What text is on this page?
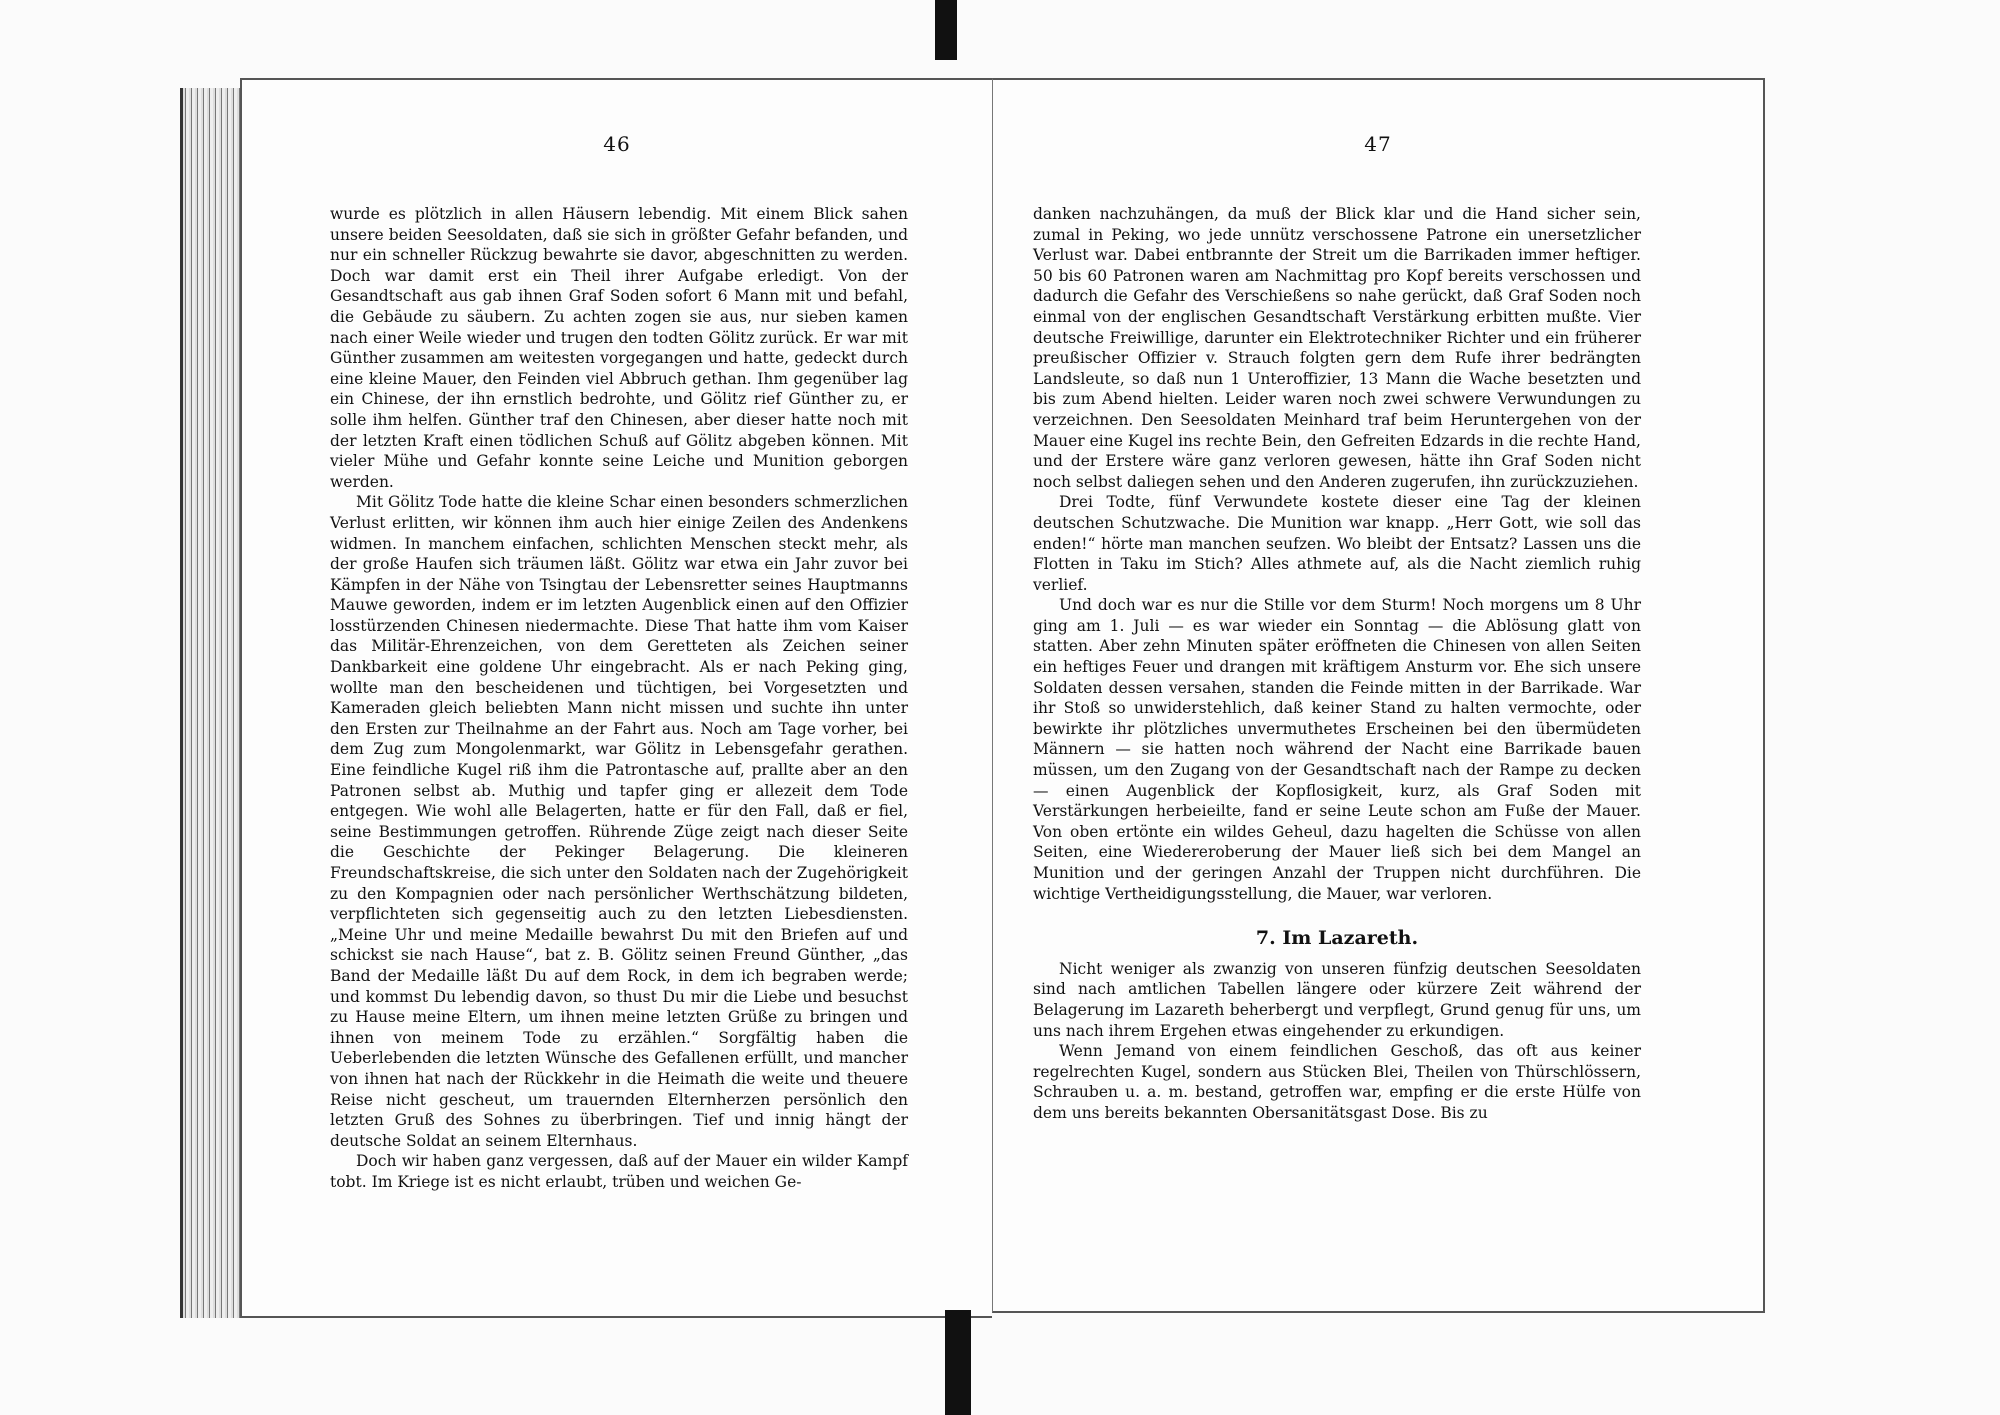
46

wurde es plötzlich in allen Häusern lebendig. Mit einem Blick sahen unsere beiden Seesoldaten, daß sie sich in größter Gefahr befanden, und nur ein schneller Rückzug bewahrte sie davor, abgeschnitten zu werden. Doch war damit erst ein Theil ihrer Aufgabe erledigt. Von der Gesandtschaft aus gab ihnen Graf Soden sofort 6 Mann mit und befahl, die Gebäude zu säubern. Zu achten zogen sie aus, nur sieben kamen nach einer Weile wieder und trugen den todten Gölitz zurück. Er war mit Günther zusammen am weitesten vorgegangen und hatte, gedeckt durch eine kleine Mauer, den Feinden viel Abbruch gethan. Ihm gegenüber lag ein Chinese, der ihn ernstlich bedrohte, und Gölitz rief Günther zu, er solle ihm helfen. Günther traf den Chinesen, aber dieser hatte noch mit der letzten Kraft einen tödlichen Schuß auf Gölitz abgeben können. Mit vieler Mühe und Gefahr konnte seine Leiche und Munition geborgen werden.

Mit Gölitz Tode hatte die kleine Schar einen besonders schmerzlichen Verlust erlitten, wir können ihm auch hier einige Zeilen des Andenkens widmen. In manchem einfachen, schlichten Menschen steckt mehr, als der große Haufen sich träumen läßt. Gölitz war etwa ein Jahr zuvor bei Kämpfen in der Nähe von Tsingtau der Lebensretter seines Hauptmanns Mauwe geworden, indem er im letzten Augenblick einen auf den Offizier losstürzenden Chinesen niedermachte. Diese That hatte ihm vom Kaiser das Militär-Ehrenzeichen, von dem Geretteten als Zeichen seiner Dankbarkeit eine goldene Uhr eingebracht. Als er nach Peking ging, wollte man den bescheidenen und tüchtigen, bei Vorgesetzten und Kameraden gleich beliebten Mann nicht missen und suchte ihn unter den Ersten zur Theilnahme an der Fahrt aus. Noch am Tage vorher, bei dem Zug zum Mongolenmarkt, war Gölitz in Lebensgefahr gerathen. Eine feindliche Kugel riß ihm die Patrontasche auf, prallte aber an den Patronen selbst ab. Muthig und tapfer ging er allezeit dem Tode entgegen. Wie wohl alle Belagerten, hatte er für den Fall, daß er fiel, seine Bestimmungen getroffen. Rührende Züge zeigt nach dieser Seite die Geschichte der Pekinger Belagerung. Die kleineren Freundschaftskreise, die sich unter den Soldaten nach der Zugehörigkeit zu den Kompagnien oder nach persönlicher Werthschätzung bildeten, verpflichteten sich gegenseitig auch zu den letzten Liebesdiensten. „Meine Uhr und meine Medaille bewahrst Du mit den Briefen auf und schickst sie nach Hause“, bat z. B. Gölitz seinen Freund Günther, „das Band der Medaille läßt Du auf dem Rock, in dem ich begraben werde; und kommst Du lebendig davon, so thust Du mir die Liebe und besuchst zu Hause meine Eltern, um ihnen meine letzten Grüße zu bringen und ihnen von meinem Tode zu erzählen.“ Sorgfältig haben die Ueberlebenden die letzten Wünsche des Gefallenen erfüllt, und mancher von ihnen hat nach der Rückkehr in die Heimath die weite und theuere Reise nicht gescheut, um trauernden Elternherzen persönlich den letzten Gruß des Sohnes zu überbringen. Tief und innig hängt der deutsche Soldat an seinem Elternhaus.

Doch wir haben ganz vergessen, daß auf der Mauer ein wilder Kampf tobt. Im Kriege ist es nicht erlaubt, trüben und weichen Ge-

47

danken nachzuhängen, da muß der Blick klar und die Hand sicher sein, zumal in Peking, wo jede unnütz verschossene Patrone ein unersetzlicher Verlust war. Dabei entbrannte der Streit um die Barrikaden immer heftiger. 50 bis 60 Patronen waren am Nachmittag pro Kopf bereits verschossen und dadurch die Gefahr des Verschießens so nahe gerückt, daß Graf Soden noch einmal von der englischen Gesandtschaft Verstärkung erbitten mußte. Vier deutsche Freiwillige, darunter ein Elektrotechniker Richter und ein früherer preußischer Offizier v. Strauch folgten gern dem Rufe ihrer bedrängten Landsleute, so daß nun 1 Unteroffizier, 13 Mann die Wache besetzten und bis zum Abend hielten. Leider waren noch zwei schwere Verwundungen zu verzeichnen. Den Seesoldaten Meinhard traf beim Heruntergehen von der Mauer eine Kugel ins rechte Bein, den Gefreiten Edzards in die rechte Hand, und der Erstere wäre ganz verloren gewesen, hätte ihn Graf Soden nicht noch selbst daliegen sehen und den Anderen zugerufen, ihn zurückzuziehen.

Drei Todte, fünf Verwundete kostete dieser eine Tag der kleinen deutschen Schutzwache. Die Munition war knapp. „Herr Gott, wie soll das enden!“ hörte man manchen seufzen. Wo bleibt der Entsatz? Lassen uns die Flotten in Taku im Stich? Alles athmete auf, als die Nacht ziemlich ruhig verlief.

Und doch war es nur die Stille vor dem Sturm! Noch morgens um 8 Uhr ging am 1. Juli — es war wieder ein Sonntag — die Ablösung glatt von statten. Aber zehn Minuten später eröffneten die Chinesen von allen Seiten ein heftiges Feuer und drangen mit kräftigem Ansturm vor. Ehe sich unsere Soldaten dessen versahen, standen die Feinde mitten in der Barrikade. War ihr Stoß so unwiderstehlich, daß keiner Stand zu halten vermochte, oder bewirkte ihr plötzliches unvermuthetes Erscheinen bei den übermüdeten Männern — sie hatten noch während der Nacht eine Barrikade bauen müssen, um den Zugang von der Gesandtschaft nach der Rampe zu decken — einen Augenblick der Kopflosigkeit, kurz, als Graf Soden mit Verstärkungen herbeieilte, fand er seine Leute schon am Fuße der Mauer. Von oben ertönte ein wildes Geheul, dazu hagelten die Schüsse von allen Seiten, eine Wiedereroberung der Mauer ließ sich bei dem Mangel an Munition und der geringen Anzahl der Truppen nicht durchführen. Die wichtige Vertheidigungsstellung, die Mauer, war verloren.

7. Im Lazareth.

Nicht weniger als zwanzig von unseren fünfzig deutschen Seesoldaten sind nach amtlichen Tabellen längere oder kürzere Zeit während der Belagerung im Lazareth beherbergt und verpflegt, Grund genug für uns, um uns nach ihrem Ergehen etwas eingehender zu erkundigen.

Wenn Jemand von einem feindlichen Geschoß, das oft aus keiner regelrechten Kugel, sondern aus Stücken Blei, Theilen von Thürschlössern, Schrauben u. a. m. bestand, getroffen war, empfing er die erste Hülfe von dem uns bereits bekannten Obersanitätsgast Dose. Bis zu
